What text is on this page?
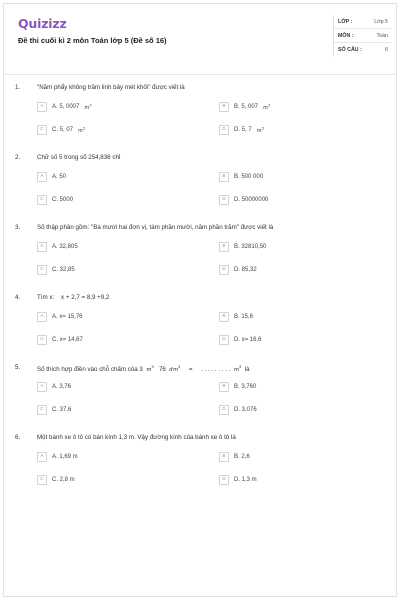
Quizizz
Đề thi cuối kì 2 môn Toán lớp 5 (Đề số 16)
LỚP :	Lớp 5
MÔN :	Toán
SỐ CÂU :	6
1.	"Năm phẩy không trăm linh bảy mét khối" được viết là
A A. 5, 0007 $m^3$	B B. 5, 007 $m^3$
C C. 5, 07 $m^3$	D D. 5, 7 $m^3$
2.	Chữ số 5 trong số 254,836 chỉ
A A. 50	B B. 500 000
C C. 5000	D D. 50000000
3.	Số thập phân gồm: "Ba mươi hai đơn vị, tám phần mười, năm phần trăm" được viết là
A A. 32,805	B B. 32810,50
C C. 32,85	D D. 85,32
4.	Tìm x:    x + 2,7 = 8,9 +9,2
A A. x= 15,76	B B. 15,6
C C. x= 14,67	D D. x= 16,6
5.	Số thích hợp điền vào chỗ chấm của 3 $m^3$ 76 $dm^3$ = . . . . . . . . . $m^3$ là
A A. 3,76	B B. 3,760
C C. 37,6	D D. 3,076
6.	Một bánh xe ô tô có bán kính 1,3 m. Vậy đường kính của bánh xe ô tô là
A A. 1,69 m	B B. 2,6
C C. 2,8 m	D D. 1,3 m
